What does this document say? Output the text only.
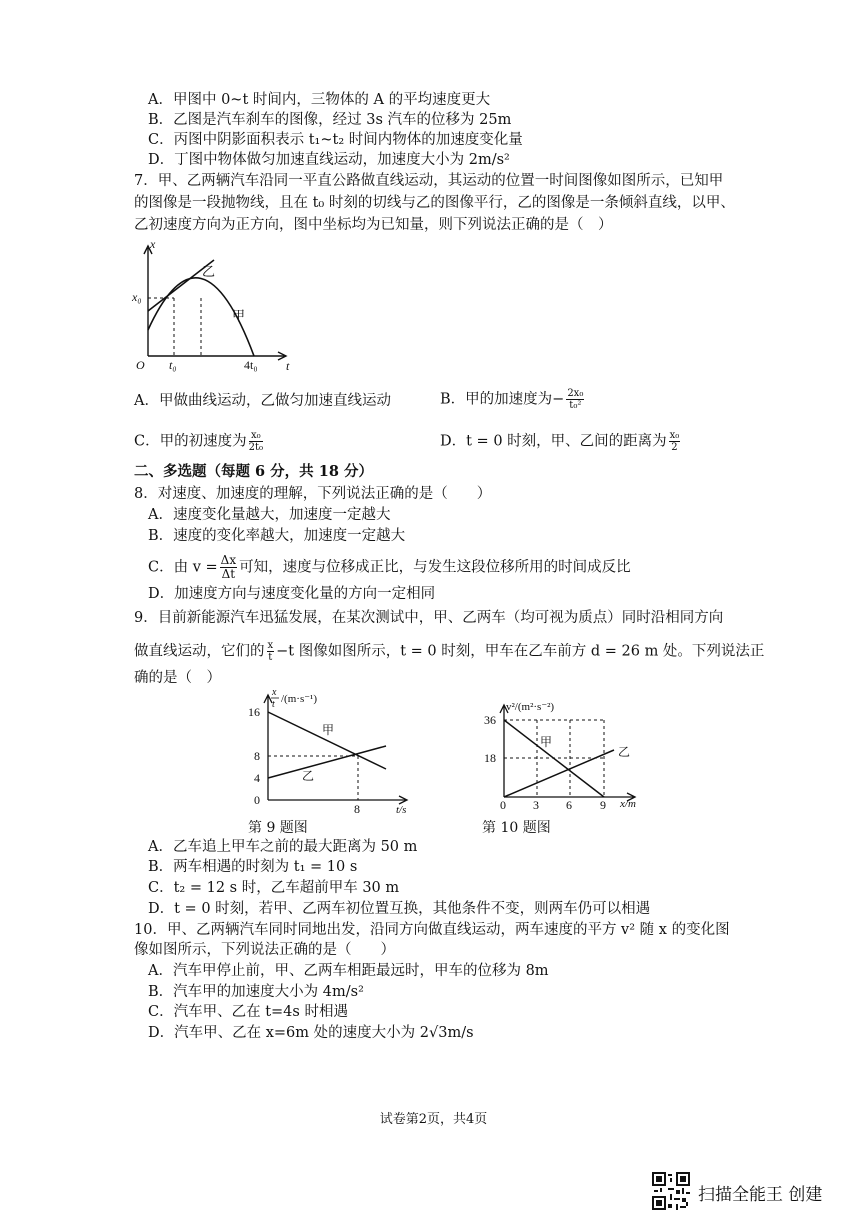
A．甲图中 0~t 时间内，三物体的 A 的平均速度更大
B．乙图是汽车刹车的图像，经过 3s 汽车的位移为 25m
C．丙图中阴影面积表示 t₁~t₂ 时间内物体的加速度变化量
D．丁图中物体做匀加速直线运动，加速度大小为 2m/s²
7．甲、乙两辆汽车沿同一平直公路做直线运动，其运动的位置一时间图像如图所示，已知甲
的图像是一段抛物线，且在 t₀ 时刻的切线与乙的图像平行，乙的图像是一条倾斜直线，以甲、
乙初速度方向为正方向，图中坐标均为已知量，则下列说法正确的是（　）
x
t
O
x₀
t₀	4t₀
乙
甲
A．甲做曲线运动，乙做匀加速直线运动	B．甲的加速度为− $\frac{\text{2x₀}}{\text{t₀²}}$
C．甲的初速度为 $\frac{\text{x₀}}{\text{2t₀}}$	D．t = 0 时刻，甲、乙间的距离为 $\frac{\text{x₀}}{2}$
二、多选题（每题 6 分，共 18 分）
8．对速度、加速度的理解，下列说法正确的是（　　）
A．速度变化量越大，加速度一定越大
B．速度的变化率越大，加速度一定越大
C．由 $v = \frac{\Delta x}{\Delta t}$ 可知，速度与位移成正比，与发生这段位移所用的时间成反比
D．加速度方向与速度变化量的方向一定相同
9．目前新能源汽车迅猛发展，在某次测试中，甲、乙两车（均可视为质点）同时沿相同方向
做直线运动，它们的 $\frac{x}{t} -t$ 图像如图所示，t = 0 时刻，甲车在乙车前方 d = 26 m 处。下列说法正
确的是（　）
x
t /(m·s⁻¹)
16
8
4
0
8	t/s
甲
乙
第 9 题图
v²/(m²·s⁻²)
36
18
0 3 6 9 x/m
甲
乙
第 10 题图
A．乙车追上甲车之前的最大距离为 50 m
B．两车相遇的时刻为 t₁ = 10 s
C．t₂ = 12 s 时，乙车超前甲车 30 m
D．t = 0 时刻，若甲、乙两车初位置互换，其他条件不变，则两车仍可以相遇
10．甲、乙两辆汽车同时同地出发，沿同方向做直线运动，两车速度的平方 v² 随 x 的变化图
像如图所示，下列说法正确的是（　　）
A．汽车甲停止前，甲、乙两车相距最远时，甲车的位移为 8m
B．汽车甲的加速度大小为 4m/s²
C．汽车甲、乙在 t=4s 时相遇
D．汽车甲、乙在 x=6m 处的速度大小为 2√3m/s
试卷第2页，共4页
扫描全能王 创建
